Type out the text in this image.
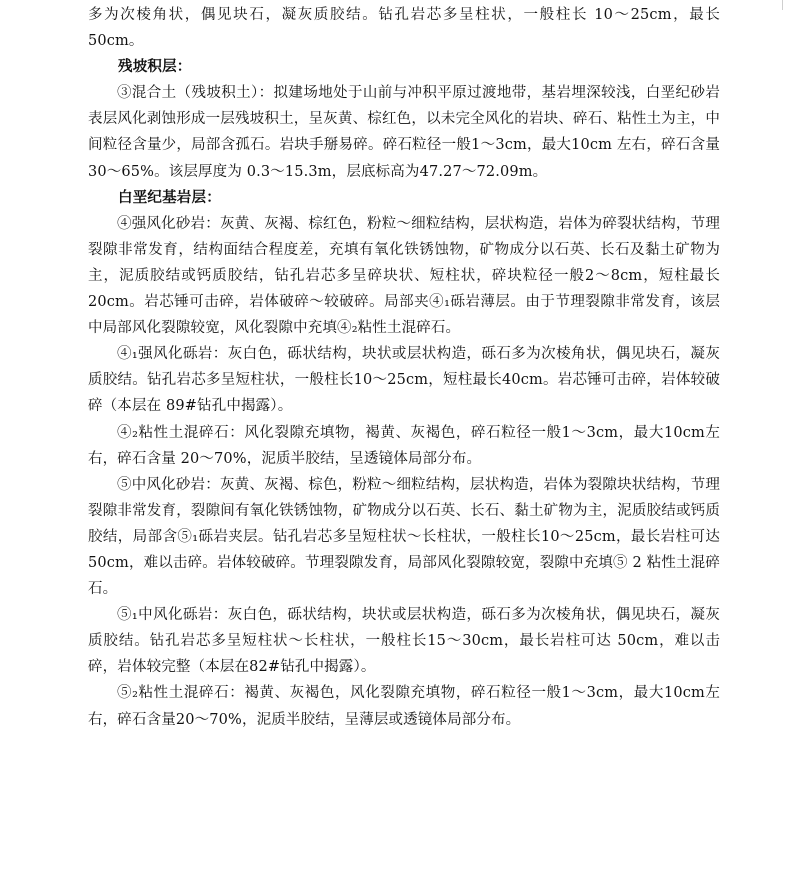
多为次棱角状，偶见块石，凝灰质胶结。钻孔岩芯多呈柱状，一般柱长 10～25cm，最长50cm。

残坡积层：

③混合土（残坡积土）：拟建场地处于山前与冲积平原过渡地带，基岩埋深较浅，白垩纪砂岩表层风化剥蚀形成一层残坡积土，呈灰黄、棕红色，以未完全风化的岩块、碎石、粘性土为主，中间粒径含量少，局部含孤石。岩块手掰易碎。碎石粒径一般1～3cm，最大10cm 左右，碎石含量30～65%。该层厚度为 0.3～15.3m，层底标高为47.27～72.09m。

白垩纪基岩层：

④强风化砂岩：灰黄、灰褐、棕红色，粉粒～细粒结构，层状构造，岩体为碎裂状结构，节理裂隙非常发育，结构面结合程度差，充填有氧化铁锈蚀物，矿物成分以石英、长石及黏土矿物为主，泥质胶结或钙质胶结，钻孔岩芯多呈碎块状、短柱状，碎块粒径一般2～8cm，短柱最长20cm。岩芯锤可击碎，岩体破碎～较破碎。局部夹④₁砾岩薄层。由于节理裂隙非常发育，该层中局部风化裂隙较宽，风化裂隙中充填④₂粘性土混碎石。

④₁强风化砾岩：灰白色，砾状结构，块状或层状构造，砾石多为次棱角状，偶见块石，凝灰质胶结。钻孔岩芯多呈短柱状，一般柱长10～25cm，短柱最长40cm。岩芯锤可击碎，岩体较破碎（本层在 89#钻孔中揭露）。

④₂粘性土混碎石：风化裂隙充填物，褐黄、灰褐色，碎石粒径一般1～3cm，最大10cm左右，碎石含量 20～70%，泥质半胶结，呈透镜体局部分布。

⑤中风化砂岩：灰黄、灰褐、棕色，粉粒～细粒结构，层状构造，岩体为裂隙块状结构，节理裂隙非常发育，裂隙间有氧化铁锈蚀物，矿物成分以石英、长石、黏土矿物为主，泥质胶结或钙质胶结，局部含⑤₁砾岩夹层。钻孔岩芯多呈短柱状～长柱状，一般柱长10～25cm，最长岩柱可达50cm，难以击碎。岩体较破碎。节理裂隙发育，局部风化裂隙较宽，裂隙中充填⑤ 2 粘性土混碎石。

⑤₁中风化砾岩：灰白色，砾状结构，块状或层状构造，砾石多为次棱角状，偶见块石，凝灰质胶结。钻孔岩芯多呈短柱状～长柱状，一般柱长15～30cm，最长岩柱可达 50cm，难以击碎，岩体较完整（本层在82#钻孔中揭露）。

⑤₂粘性土混碎石：褐黄、灰褐色，风化裂隙充填物，碎石粒径一般1～3cm，最大10cm左右，碎石含量20～70%，泥质半胶结，呈薄层或透镜体局部分布。
